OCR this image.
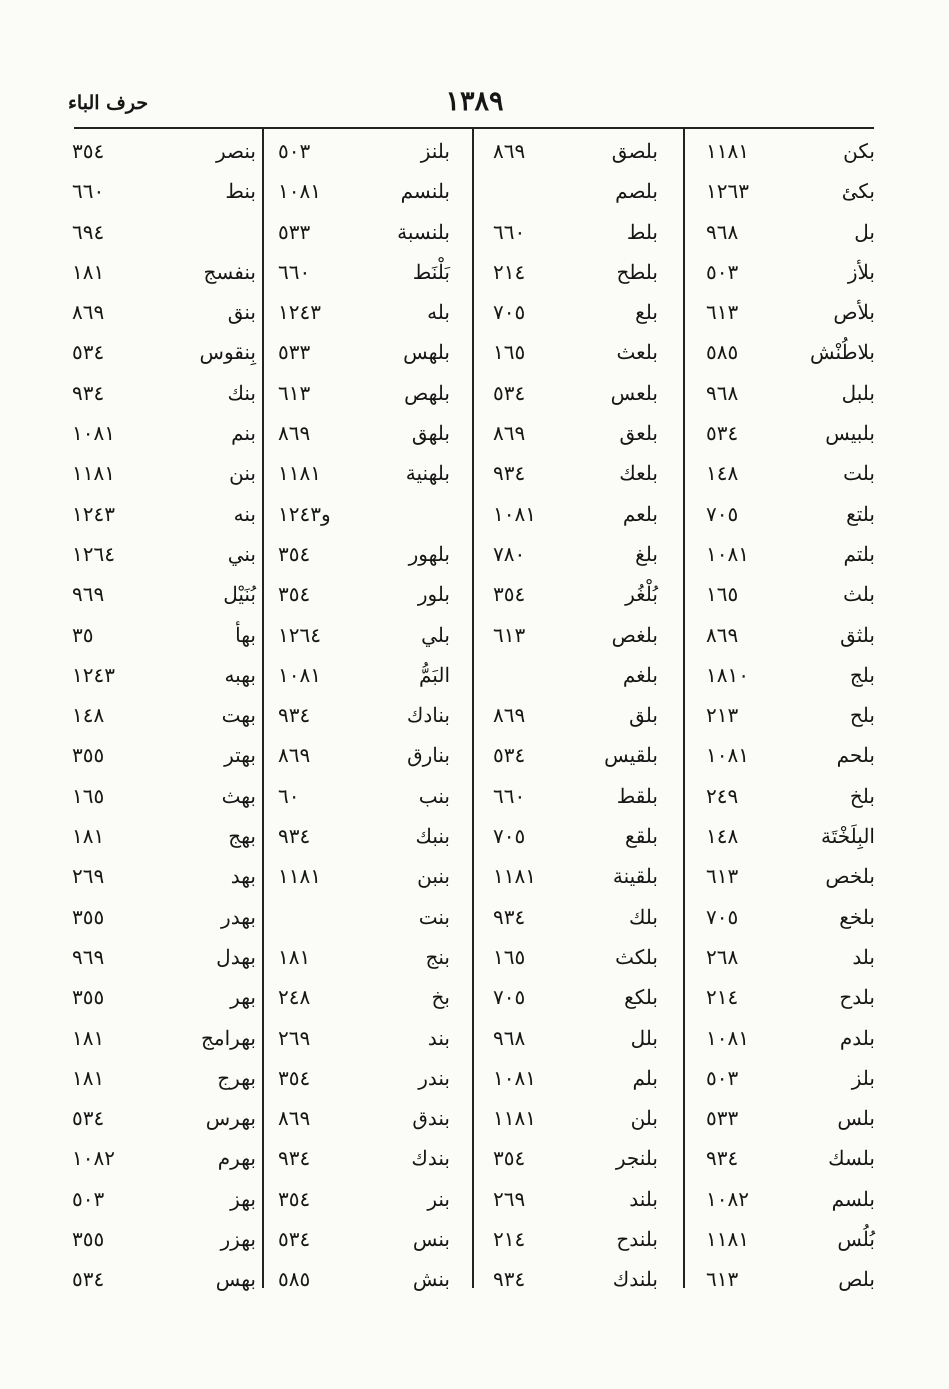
١٣٨٩
حرف الباء
بكن
١١٨١
بلصق
٨٦٩
بلنز
٥٠٣
بنصر
٣٥٤
بكئ
١٢٦٣
بلصم
بلنسم
١٠٨١
بنط
٦٦٠
بل
٩٦٨
بلط
٦٦٠
بلنسبة
٥٣٣
٦٩٤
بلأز
٥٠٣
بلطح
٢١٤
بَلْنَط
٦٦٠
بنفسج
١٨١
بلأص
٦١٣
بلع
٧٠٥
بله
١٢٤٣
بنق
٨٦٩
بلاطُنْش
٥٨٥
بلعث
١٦٥
بلهس
٥٣٣
بِنقوس
٥٣٤
بلبل
٩٦٨
بلعس
٥٣٤
بلهص
٦١٣
بنك
٩٣٤
بلبيس
٥٣٤
بلعق
٨٦٩
بلهق
٨٦٩
بنم
١٠٨١
بلت
١٤٨
بلعك
٩٣٤
بلهنية
١١٨١
بنن
١١٨١
بلتع
٧٠٥
بلعم
١٠٨١
و١٢٤٣
بنه
١٢٤٣
بلتم
١٠٨١
بلغ
٧٨٠
بلهور
٣٥٤
بني
١٢٦٤
بلث
١٦٥
بُلْغُر
٣٥٤
بلور
٣٥٤
بُنَيْل
٩٦٩
بلثق
٨٦٩
بلغص
٦١٣
بلي
١٢٦٤
بهأ
٣٥
بلج
١٨١٠
بلغم
البَمُّ
١٠٨١
بهبه
١٢٤٣
بلح
٢١٣
بلق
٨٦٩
بنادك
٩٣٤
بهت
١٤٨
بلحم
١٠٨١
بلقيس
٥٣٤
بنارق
٨٦٩
بهتر
٣٥٥
بلخ
٢٤٩
بلقط
٦٦٠
بنب
٦٠
بهث
١٦٥
البِلَخْتَة
١٤٨
بلقع
٧٠٥
بنبك
٩٣٤
بهج
١٨١
بلخص
٦١٣
بلقينة
١١٨١
بنبن
١١٨١
بهد
٢٦٩
بلخع
٧٠٥
بلك
٩٣٤
بنت
بهدر
٣٥٥
بلد
٢٦٨
بلكث
١٦٥
بنج
١٨١
بهدل
٩٦٩
بلدح
٢١٤
بلكع
٧٠٥
بخ
٢٤٨
بهر
٣٥٥
بلدم
١٠٨١
بلل
٩٦٨
بند
٢٦٩
بهرامج
١٨١
بلز
٥٠٣
بلم
١٠٨١
بندر
٣٥٤
بهرج
١٨١
بلس
٥٣٣
بلن
١١٨١
بندق
٨٦٩
بهرس
٥٣٤
بلسك
٩٣٤
بلنجر
٣٥٤
بندك
٩٣٤
بهرم
١٠٨٢
بلسم
١٠٨٢
بلند
٢٦٩
بنر
٣٥٤
بهز
٥٠٣
بُلُس
١١٨١
بلندح
٢١٤
بنس
٥٣٤
بهزر
٣٥٥
بلص
٦١٣
بلندك
٩٣٤
بنش
٥٨٥
بهس
٥٣٤
